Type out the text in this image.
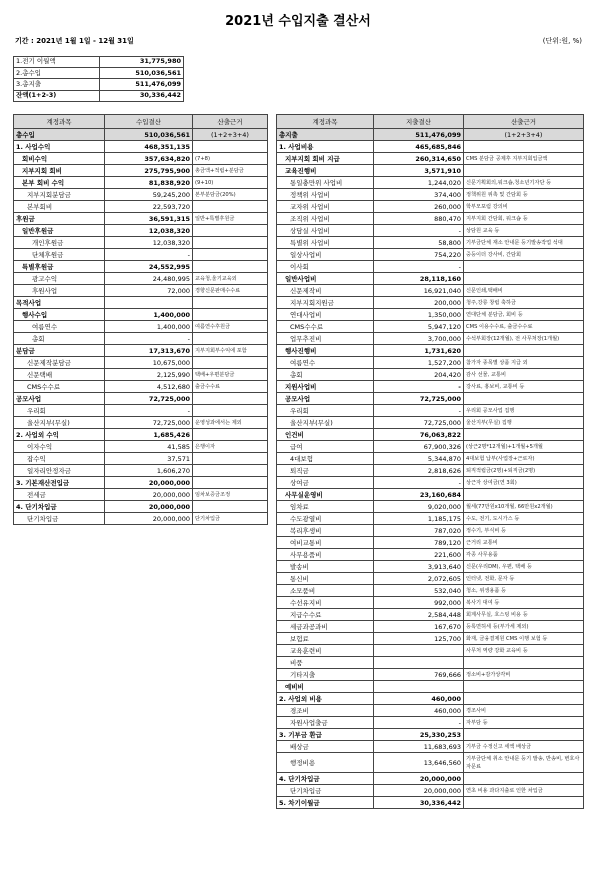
2021년 수입지출 결산서
기간 : 2021년 1월 1일 - 12월 31일	(단위:원, %)
1.전기 이월액	31,775,980
2.총수입	510,036,561
3.총지출	511,476,099
잔액(1+2-3)	30,336,442
계정과목	수입결산	산출근거
총수입	510,036,561	(1+2+3+4)
1. 사업수익	468,351,135	
회비수익	357,634,820	(7+8)
지부지회 회비	275,795,900	총금액+적립+분담금
본부 회비 수익	81,838,920	(9+10)
지부지회분담금	59,245,200	본부분담금(20%)
본부회비	22,593,720	
후원금	36,591,315	일반+특별후원금
일반후원금	12,038,320	
개인후원금	12,038,320	
단체후원금	-	
특별후원금	24,552,995	
광고수익	24,480,995	교육청,울기교육외
후원사업	72,000	경향신문판매수수료
목적사업		
행사수입	1,400,000	
여름연수	1,400,000	여름연수후원금
총회	-	
분담금	17,313,670	지부지회부수익에 포함
신문제작분담금	10,675,000	
신문택배	2,125,990	택배+우편분담금
CMS수수료	4,512,680	출금수수료
공모사업	72,725,000	
우리회	-	
울산지부(무실)	72,725,000	운영성과에서는 제외
2. 사업외 수익	1,685,426	
이자수익	41,585	은행이자
잡수익	37,571	
일자리안정자금	1,606,270	
3. 기본재산전입금	20,000,000	
전세금	20,000,000	임차보증금조정
4. 단기차입금	20,000,000	
단기차입금	20,000,000	단기차입금
계정과목	지출결산	산출근거
총지출	511,476,099	(1+2+3+4)
1. 사업비용	465,685,846	
지부지회 회비 지급	260,314,650	CMS 분담금 공제후 지부지회입금액
교육진행비	3,571,910	
통일충만위 사업비	1,244,020	신문기획회의,워크숍,청소년기자단 등
정책위 사업비	374,400	정책위원 위촉 및 간담회 등
교자위 사업비	260,000	학부모포럼 강의비
조직위 사업비	880,470	지부지회 간담회, 워크숍 등
상담실 사업비	-	상담원 교육 등
특별위 사업비	58,800	기부금단체 재소 안내문 등기발송작업 석대
일상사업비	754,220	중등이더 강사비, 간담회
이사회	-	
일반사업비	28,118,160	
신문제작비	16,921,040	신문인쇄,택배비
지부지회지원금	200,000	청주,강릉 창립 축하금
연대사업비	1,350,000	연대단체 분담금, 회비 등
CMS수수료	5,947,120	CMS 이용수수료, 출금수수료
업무추진비	3,700,000	수석부회장(12개월), 전 사무처장(1개월)
행사진행비	1,731,620	
여름연수	1,527,200	참가자 종목별 상품 지급 외
총회	204,420	감사 선물, 교통비
지원사업비	-	강사료, 홍보비, 교통비 등
공모사업	72,725,000	
우리회	-	우리회 공모사업 집행
울산지부(무실)	72,725,000	울산지부(무실) 집행
인건비	76,063,822	
급여	67,900,326	(상근2명*12개월)+1개월+5개월
4대보험	5,344,870	4대보험 납부(사업장+근로자)
퇴직금	2,818,626	퇴직적립금(2명)+퇴직금(2명)
상여금	-	상근자 상여금(연 3회)
사무실운영비	23,160,684	
임차료	9,020,000	월세(77만원x10개월, 66만원x2개월)
수도광열비	1,185,175	수도, 전기, 도시가스 등
복리후생비	787,020	정수기, 부식비 등
여비교통비	789,120	근거리 교통비
사무용품비	221,600	각종 사무용품
발송비	3,913,640	신문(우리DM), 우편, 택배 등
통신비	2,072,605	인터넷, 전화, 문자 등
소모품비	532,040	청소, 위생용품 등
수선유지비	992,000	복사기 대여 등
지급수수료	2,584,448	회계사무실, 호스팅 비용 등
세금과공과비	167,670	등록면허세 등(부가세 제외)
보험료	125,700	화재, 금융결제원 CMS 이행 보험 등
교육훈련비		사무처 역량 강화 교육비 등
비품		
기타지출	769,666	정소비+감가상각비
예비비		
2. 사업외 비용	460,000	
경조비	460,000	경조사비
자원사업출금	-	자부담 등
3. 기부금 환급	25,330,253	
배상금	11,683,693	기부금 수정신고 세액 배상금
행정비용	13,646,560	기부금단체 취소 안내문 등기 발송, 반송비, 변호사 자문료
4. 단기차입금	20,000,000	
단기차입금	20,000,000	연초 비용 과다지출로 인한 차입금
5. 차기이월금	30,336,442	
